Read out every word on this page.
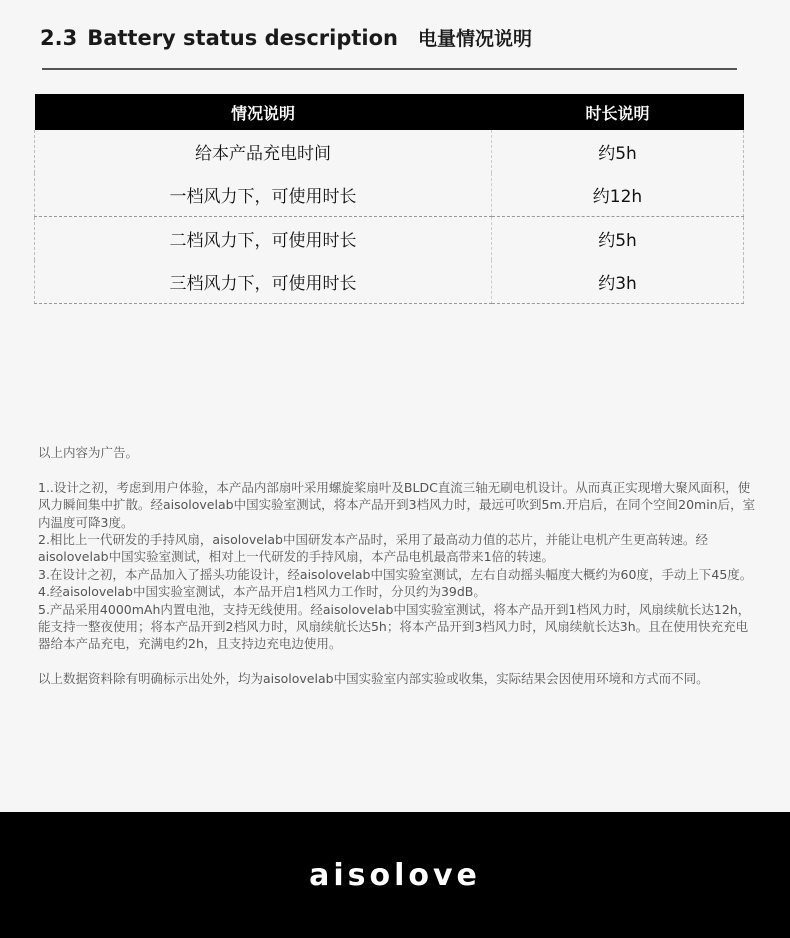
2.3 Battery status description 电量情况说明
情况说明	时长说明
给本产品充电时间	约5h
一档风力下，可使用时长	约12h
二档风力下，可使用时长	约5h
三档风力下，可使用时长	约3h

以上内容为广告。

1..设计之初，考虑到用户体验，本产品内部扇叶采用螺旋桨扇叶及BLDC直流三轴无刷电机设计。从而真正实现增大聚风面积，使风力瞬间集中扩散。经aisolovelab中国实验室测试，将本产品开到3档风力时，最远可吹到5m.开启后，在同个空间20min后，室内温度可降3度。

2.相比上一代研发的手持风扇，aisolovelab中国研发本产品时，采用了最高动力值的芯片，并能让电机产生更高转速。经aisolovelab中国实验室测试，相对上一代研发的手持风扇，本产品电机最高带来1倍的转速。

3.在设计之初，本产品加入了摇头功能设计，经aisolovelab中国实验室测试，左右自动摇头幅度大概约为60度，手动上下45度。

4.经aisolovelab中国实验室测试，本产品开启1档风力工作时，分贝约为39dB。

5.产品采用4000mAh内置电池，支持无线使用。经aisolovelab中国实验室测试，将本产品开到1档风力时，风扇续航长达12h，能支持一整夜使用；将本产品开到2档风力时，风扇续航长达5h；将本产品开到3档风力时，风扇续航长达3h。且在使用快充充电器给本产品充电，充满电约2h，且支持边充电边使用。

以上数据资料除有明确标示出处外，均为aisolovelab中国实验室内部实验或收集，实际结果会因使用环境和方式而不同。

aisolove
